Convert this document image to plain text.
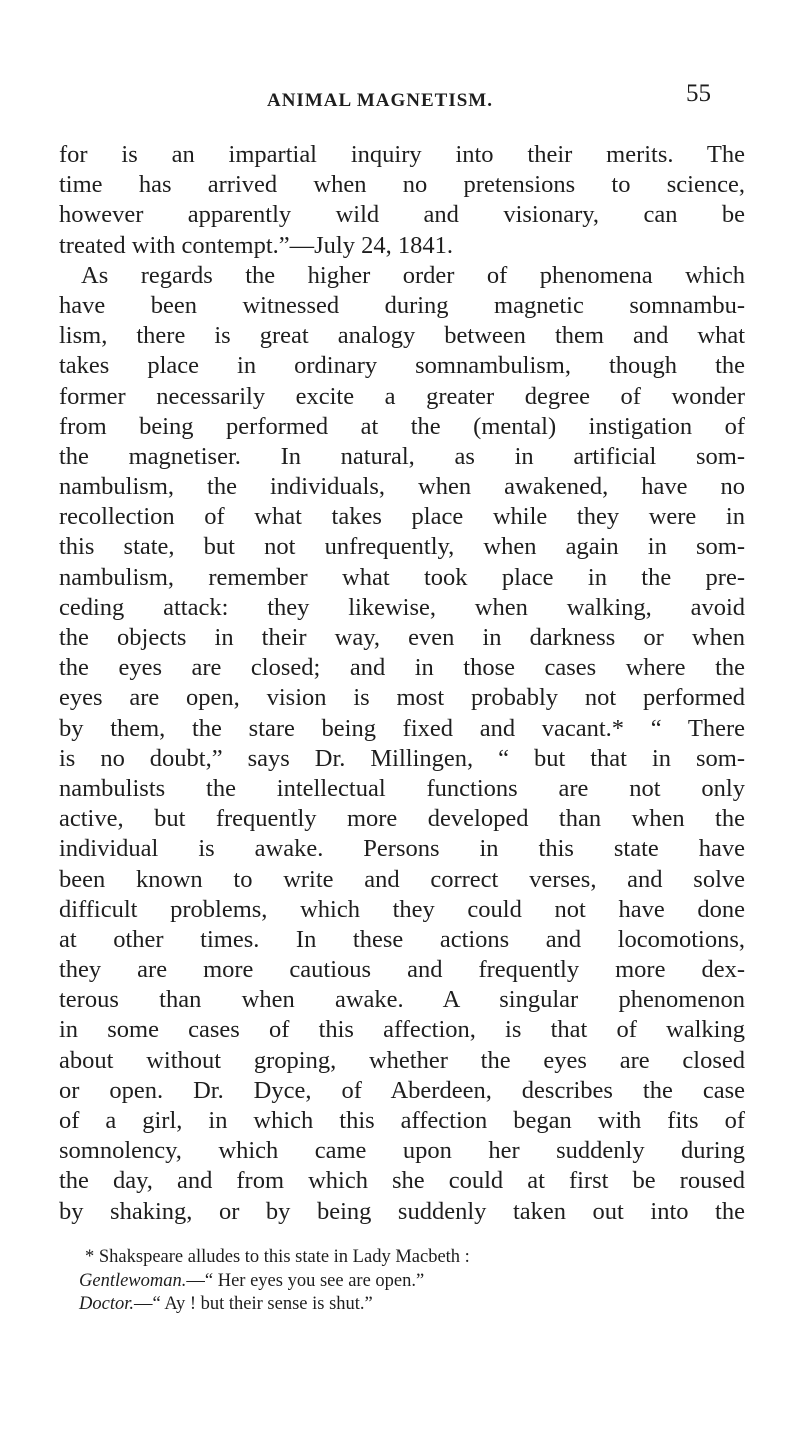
ANIMAL MAGNETISM.	55
for is an impartial inquiry into their merits. The
time has arrived when no pretensions to science,
however apparently wild and visionary, can be
treated with contempt.”—July 24, 1841.
As regards the higher order of phenomena which
have been witnessed during magnetic somnambu-
lism, there is great analogy between them and what
takes place in ordinary somnambulism, though the
former necessarily excite a greater degree of wonder
from being performed at the (mental) instigation of
the magnetiser. In natural, as in artificial som-
nambulism, the individuals, when awakened, have no
recollection of what takes place while they were in
this state, but not unfrequently, when again in som-
nambulism, remember what took place in the pre-
ceding attack: they likewise, when walking, avoid
the objects in their way, even in darkness or when
the eyes are closed; and in those cases where the
eyes are open, vision is most probably not performed
by them, the stare being fixed and vacant.* “ There
is no doubt,” says Dr. Millingen, “ but that in som-
nambulists the intellectual functions are not only
active, but frequently more developed than when the
individual is awake. Persons in this state have
been known to write and correct verses, and solve
difficult problems, which they could not have done
at other times. In these actions and locomotions,
they are more cautious and frequently more dex-
terous than when awake. A singular phenomenon
in some cases of this affection, is that of walking
about without groping, whether the eyes are closed
or open. Dr. Dyce, of Aberdeen, describes the case
of a girl, in which this affection began with fits of
somnolency, which came upon her suddenly during
the day, and from which she could at first be roused
by shaking, or by being suddenly taken out into the
* Shakspeare alludes to this state in Lady Macbeth :
Gentlewoman.—“ Her eyes you see are open.”
Doctor.—“ Ay ! but their sense is shut.”
